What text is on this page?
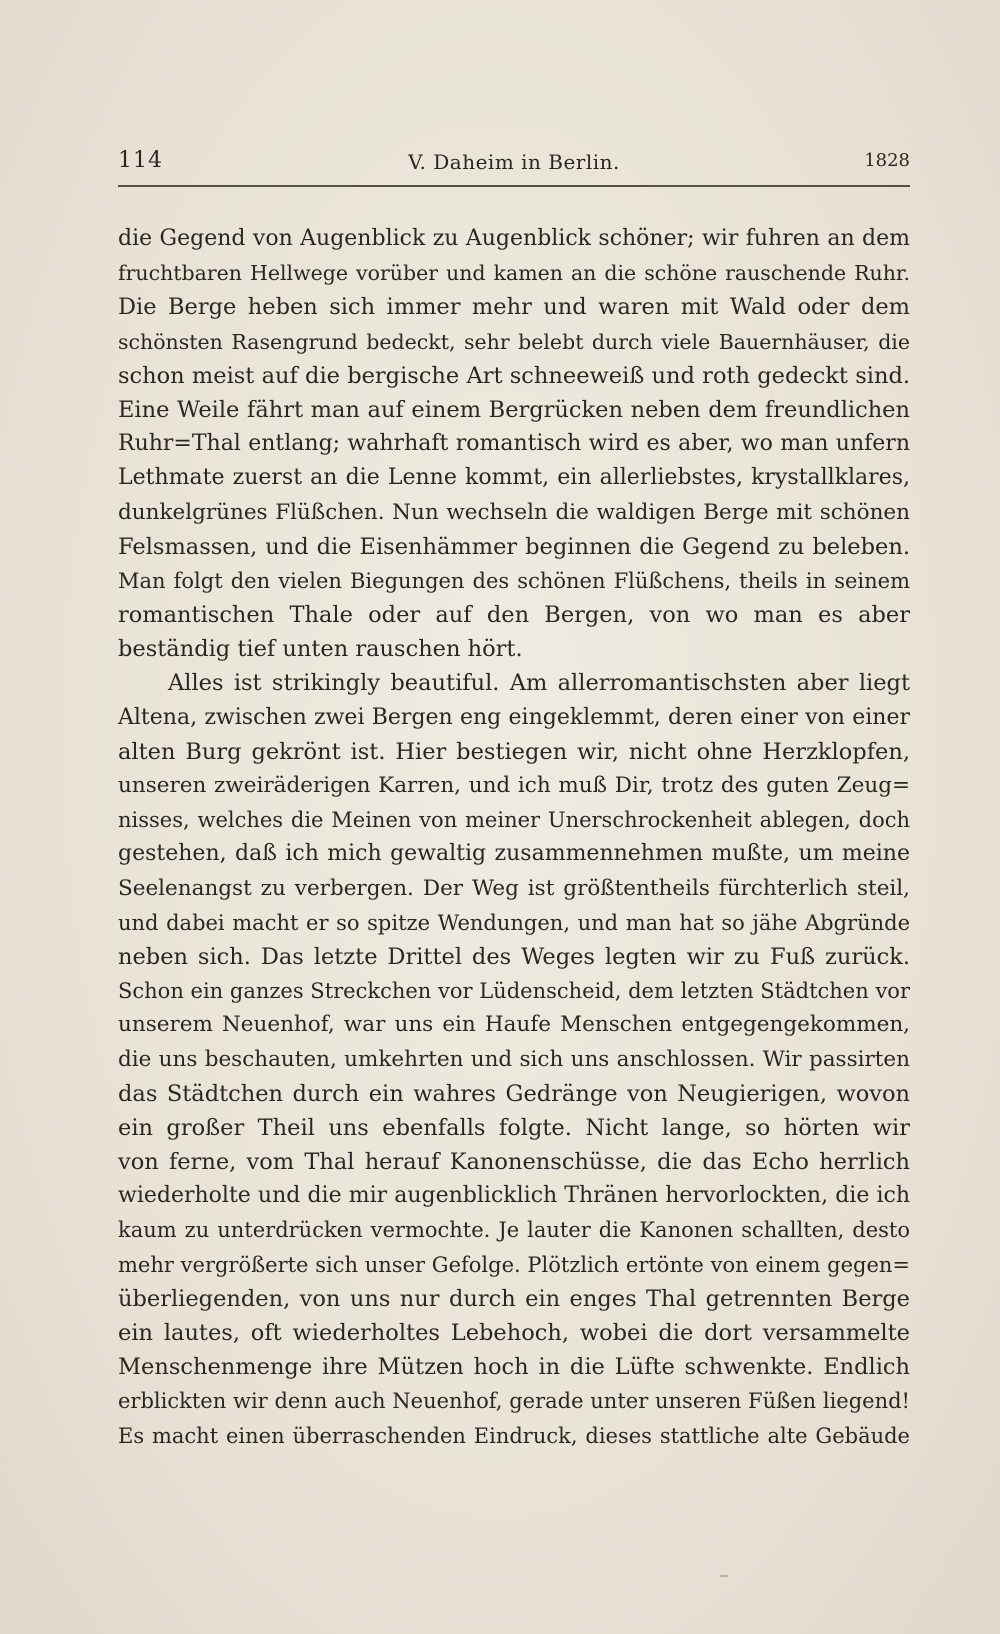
114	V. Daheim in Berlin.	1828
die Gegend von Augenblick zu Augenblick schöner; wir fuhren an dem
fruchtbaren Hellwege vorüber und kamen an die schöne rauschende Ruhr.
Die Berge heben sich immer mehr und waren mit Wald oder dem
schönsten Rasengrund bedeckt, sehr belebt durch viele Bauernhäuser, die
schon meist auf die bergische Art schneeweiß und roth gedeckt sind.
Eine Weile fährt man auf einem Bergrücken neben dem freundlichen
Ruhr=Thal entlang; wahrhaft romantisch wird es aber, wo man unfern
Lethmate zuerst an die Lenne kommt, ein allerliebstes, krystallklares,
dunkelgrünes Flüßchen. Nun wechseln die waldigen Berge mit schönen
Felsmassen, und die Eisenhämmer beginnen die Gegend zu beleben.
Man folgt den vielen Biegungen des schönen Flüßchens, theils in seinem
romantischen Thale oder auf den Bergen, von wo man es aber
beständig tief unten rauschen hört.
Alles ist strikingly beautiful. Am allerromantischsten aber liegt
Altena, zwischen zwei Bergen eng eingeklemmt, deren einer von einer
alten Burg gekrönt ist. Hier bestiegen wir, nicht ohne Herzklopfen,
unseren zweiräderigen Karren, und ich muß Dir, trotz des guten Zeug=
nisses, welches die Meinen von meiner Unerschrockenheit ablegen, doch
gestehen, daß ich mich gewaltig zusammennehmen mußte, um meine
Seelenangst zu verbergen. Der Weg ist größtentheils fürchterlich steil,
und dabei macht er so spitze Wendungen, und man hat so jähe Abgründe
neben sich. Das letzte Drittel des Weges legten wir zu Fuß zurück.
Schon ein ganzes Streckchen vor Lüdenscheid, dem letzten Städtchen vor
unserem Neuenhof, war uns ein Haufe Menschen entgegengekommen,
die uns beschauten, umkehrten und sich uns anschlossen. Wir passirten
das Städtchen durch ein wahres Gedränge von Neugierigen, wovon
ein großer Theil uns ebenfalls folgte. Nicht lange, so hörten wir
von ferne, vom Thal herauf Kanonenschüsse, die das Echo herrlich
wiederholte und die mir augenblicklich Thränen hervorlockten, die ich
kaum zu unterdrücken vermochte. Je lauter die Kanonen schallten, desto
mehr vergrößerte sich unser Gefolge. Plötzlich ertönte von einem gegen=
überliegenden, von uns nur durch ein enges Thal getrennten Berge
ein lautes, oft wiederholtes Lebehoch, wobei die dort versammelte
Menschenmenge ihre Mützen hoch in die Lüfte schwenkte. Endlich
erblickten wir denn auch Neuenhof, gerade unter unseren Füßen liegend!
Es macht einen überraschenden Eindruck, dieses stattliche alte Gebäude
